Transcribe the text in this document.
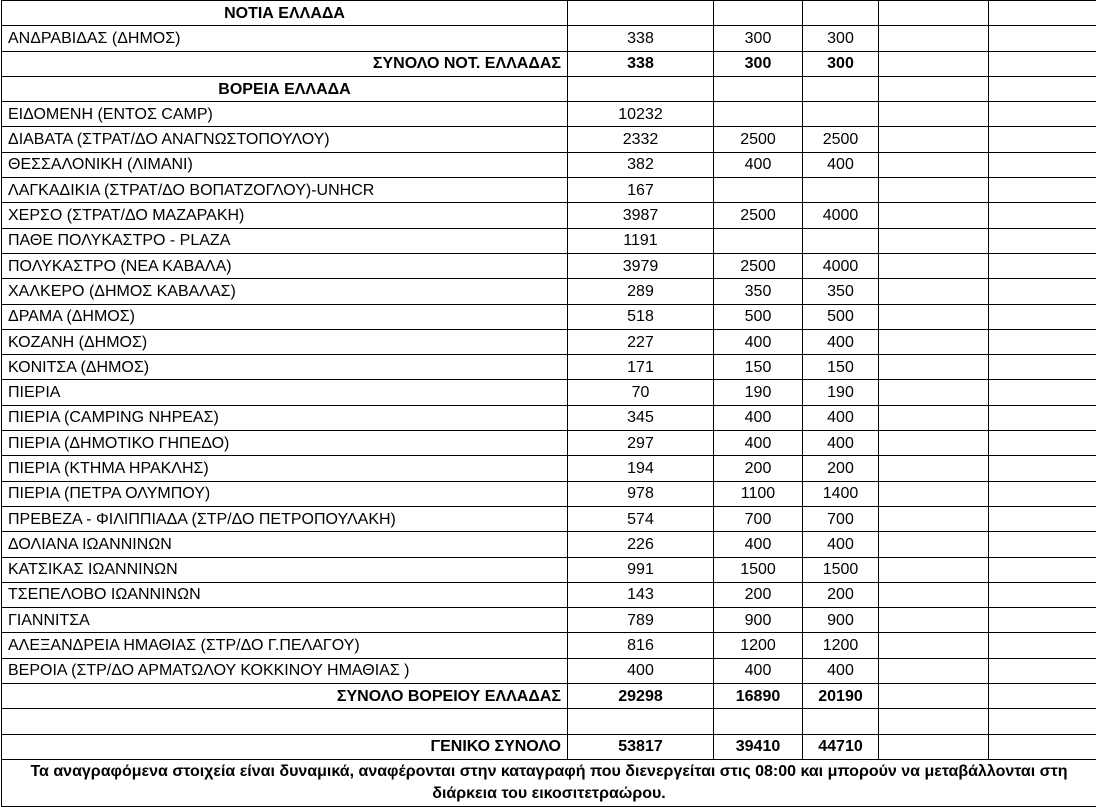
ΝΟΤΙΑ ΕΛΛΑΔΑ					
ΑΝΔΡΑΒΙΔΑΣ (ΔΗΜΟΣ)	338	300	300		
ΣΥΝΟΛΟ ΝΟΤ. ΕΛΛΑΔΑΣ	338	300	300		
ΒΟΡΕΙΑ ΕΛΛΑΔΑ					
ΕΙΔΟΜΕΝΗ (ΕΝΤΟΣ CAMP)	10232				
ΔΙΑΒΑΤΑ (ΣΤΡΑΤ/ΔΟ ΑΝΑΓΝΩΣΤΟΠΟΥΛΟΥ)	2332	2500	2500		
ΘΕΣΣΑΛΟΝΙΚΗ (ΛΙΜΑΝΙ)	382	400	400		
ΛΑΓΚΑΔΙΚΙΑ (ΣΤΡΑΤ/ΔΟ ΒΟΠΑΤΖΟΓΛΟΥ)-UNHCR	167				
ΧΕΡΣΟ (ΣΤΡΑΤ/ΔΟ ΜΑΖΑΡΑΚΗ)	3987	2500	4000		
ΠΑΘΕ ΠΟΛΥΚΑΣΤΡΟ - PLAZA	1191				
ΠΟΛΥΚΑΣΤΡΟ (ΝΕΑ ΚΑΒΑΛΑ)	3979	2500	4000		
ΧΑΛΚΕΡΟ (ΔΗΜΟΣ ΚΑΒΑΛΑΣ)	289	350	350		
ΔΡΑΜΑ (ΔΗΜΟΣ)	518	500	500		
ΚΟΖΑΝΗ (ΔΗΜΟΣ)	227	400	400		
ΚΟΝΙΤΣΑ (ΔΗΜΟΣ)	171	150	150		
ΠΙΕΡΙΑ	70	190	190		
ΠΙΕΡΙΑ (CAMPING ΝΗΡΕΑΣ)	345	400	400		
ΠΙΕΡΙΑ (ΔΗΜΟΤΙΚΟ ΓΗΠΕΔΟ)	297	400	400		
ΠΙΕΡΙΑ (ΚΤΗΜΑ ΗΡΑΚΛΗΣ)	194	200	200		
ΠΙΕΡΙΑ (ΠΕΤΡΑ ΟΛΥΜΠΟΥ)	978	1100	1400		
ΠΡΕΒΕΖΑ - ΦΙΛΙΠΠΙΑΔΑ (ΣΤΡ/ΔΟ ΠΕΤΡΟΠΟΥΛΑΚΗ)	574	700	700		
ΔΟΛΙΑΝΑ ΙΩΑΝΝΙΝΩΝ	226	400	400		
ΚΑΤΣΙΚΑΣ ΙΩΑΝΝΙΝΩΝ	991	1500	1500		
ΤΣΕΠΕΛΟΒΟ ΙΩΑΝΝΙΝΩΝ	143	200	200		
ΓΙΑΝΝΙΤΣΑ	789	900	900		
ΑΛΕΞΑΝΔΡΕΙΑ ΗΜΑΘΙΑΣ (ΣΤΡ/ΔΟ Γ.ΠΕΛΑΓΟΥ)	816	1200	1200		
ΒΕΡΟΙΑ (ΣΤΡ/ΔΟ ΑΡΜΑΤΩΛΟΥ ΚΟΚΚΙΝΟΥ ΗΜΑΘΙΑΣ )	400	400	400		
ΣΥΝΟΛΟ ΒΟΡΕΙΟΥ ΕΛΛΑΔΑΣ	29298	16890	20190		

ΓΕΝΙΚΟ ΣΥΝΟΛΟ	53817	39410	44710		
Τα αναγραφόμενα στοιχεία είναι δυναμικά, αναφέρονται στην καταγραφή που διενεργείται στις 08:00 και μπορούν να μεταβάλλονται στη διάρκεια του εικοσιτετραώρου.					
